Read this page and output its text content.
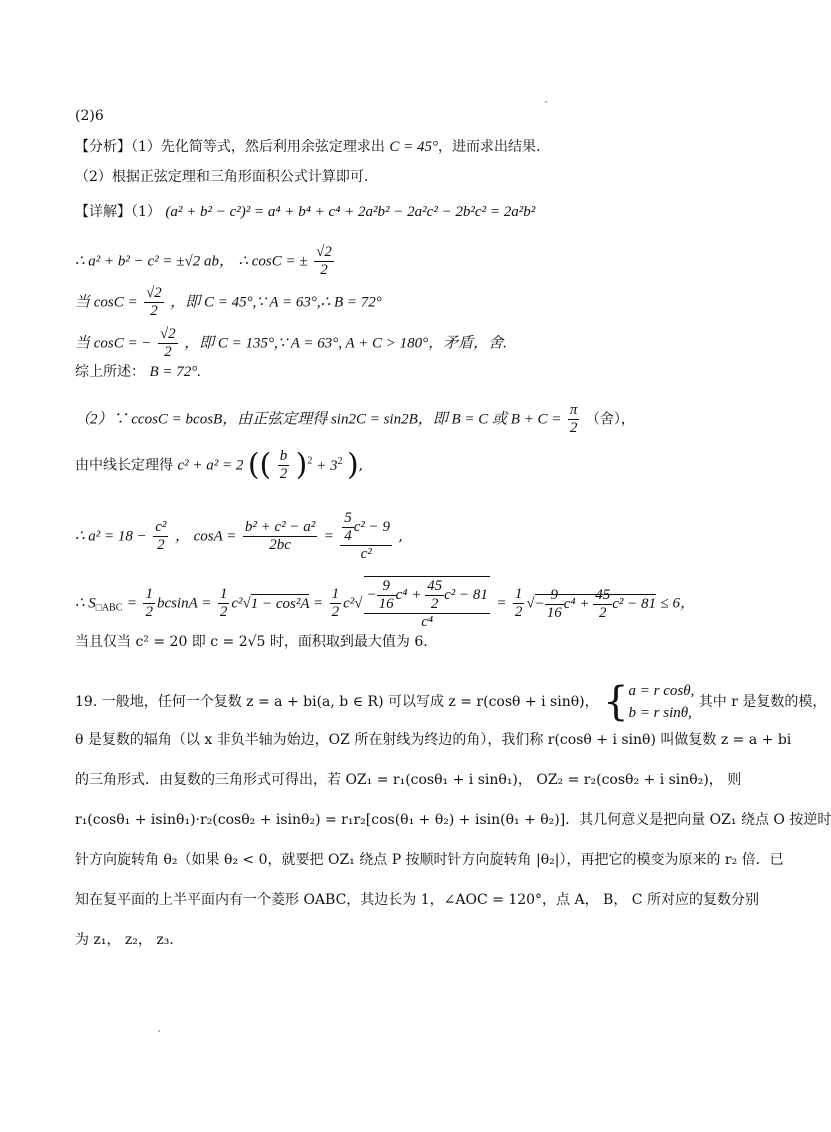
(2)6
【分析】（1）先化简等式，然后利用余弦定理求出 C = 45°，进而求出结果.
（2）根据正弦定理和三角形面积公式计算即可.
【详解】（1） (a² + b² − c²)² = a⁴ + b⁴ + c⁴ + 2a²b² − 2a²c² − 2b²c² = 2a²b²
∴ a² + b² − c² = ±√2 ab， ∴ cosC = ± $\frac{√2}{2}$
当 $\cos C = \frac{√2}{2}$ ，即 C = 45°,∵ A = 63°,∴ B = 72°
当 cosC = − $\frac{√2}{2}$ ，即 C = 135°,∵ A = 63°, A + C > 180°，矛盾，舍.
综上所述： B = 72°.
（2）∵ ccosC = bcosB，由正弦定理得 sin2C = sin2B，即 B = C 或 $B + C = \frac{\pi}{2}$ （舍），
由中线长定理得 c² + a² = 2 (( $\frac{b}{2} )^2 + 3^2$ ),
∴ $a^2 = 18 - \frac{\text{c²}}{2}$ ， $\cos A = \frac{\text{b² + c² − a²}}{2bc} = \frac{\frac{5}{4} c^2 - 9}{\text{c²}}$ ,
∴ $S_{□ABC} = \frac{1}{2}$ $bcsinA = \frac{1}{2} c^2√1 - \cos^2A = \frac{1}{2} c^2√ \frac{- \frac{9}{16} c^4 + \frac{45}{2} c^2 - 81}{\text{c⁴}} = \frac{1}{2}$ √− $\frac{9}{16} c^4 + \frac{45}{2} c^2 - 81 \le 6$，
当且仅当 c² = 20 即 c = 2√5 时，面积取到最大值为 6.
19. 一般地，任何一个复数 z = a + bi(a, b ∈ R) 可以写成 z = r(cosθ + i sinθ)， {a = r cosθ,
b = r sinθ, 其中 r 是复数的模，
θ 是复数的辐角（以 x 非负半轴为始边，OZ 所在射线为终边的角），我们称 r(cosθ + i sinθ) 叫做复数 z = a + bi
的三角形式．由复数的三角形式可得出，若 OZ₁ = r₁(cosθ₁ + i sinθ₁)， OZ₂ = r₂(cosθ₂ + i sinθ₂)， 则
r₁(cosθ₁ + isinθ₁)·r₂(cosθ₂ + isinθ₂) = r₁r₂[cos(θ₁ + θ₂) + isin(θ₁ + θ₂)]．其几何意义是把向量 OZ₁ 绕点 O 按逆时
针方向旋转角 θ₂（如果 θ₂ < 0，就要把 OZ₁ 绕点 P 按顺时针方向旋转角 |θ₂|），再把它的模变为原来的 r₂ 倍．已
知在复平面的上半平面内有一个菱形 OABC，其边长为 1，∠AOC = 120°，点 A， B， C 所对应的复数分别
为 z₁， z₂， z₃．
